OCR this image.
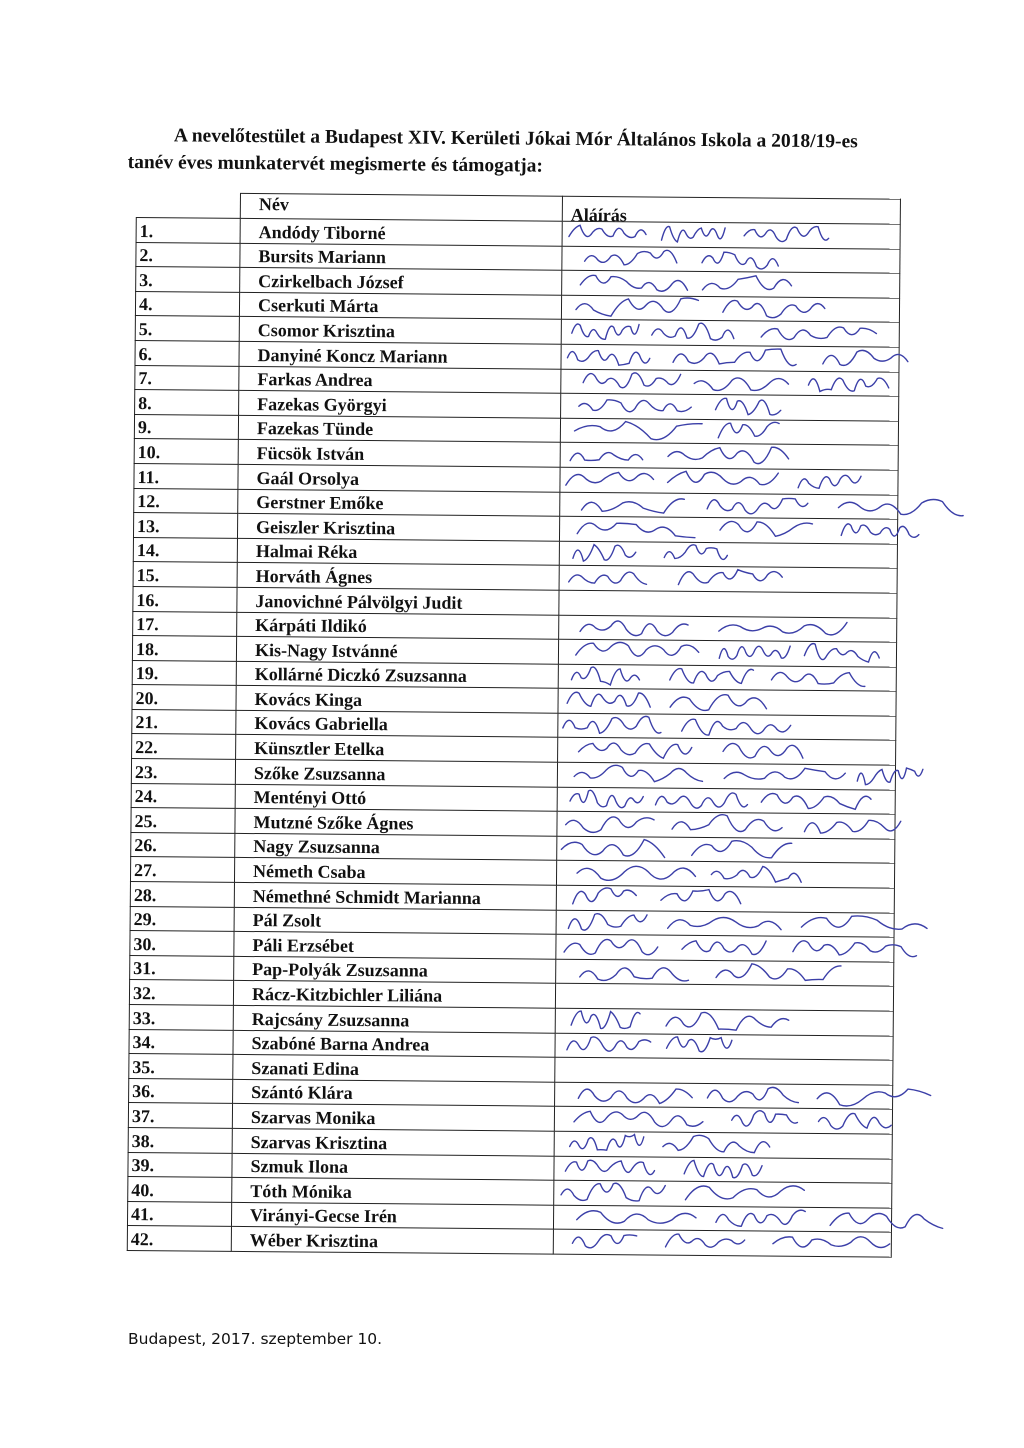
A nevelőtestület a Budapest XIV. Kerületi Jókai Mór Általános Iskola a 2018/19-es
tanév éves munkatervét megismerte és támogatja:

	Név	Aláírás

1.	Andódy Tiborné	

2.	Bursits Mariann	

3.	Czirkelbach József	

4.	Cserkuti Márta	

5.	Csomor Krisztina	

6.	Danyiné Koncz Mariann	

7.	Farkas Andrea	

8.	Fazekas Györgyi	

9.	Fazekas Tünde	

10.	Fücsök István	

11.	Gaál Orsolya	

12.	Gerstner Emőke	

13.	Geiszler Krisztina	

14.	Halmai Réka	

15.	Horváth Ágnes	

16.	Janovichné Pálvölgyi Judit	
17.	Kárpáti Ildikó	

18.	Kis-Nagy Istvánné	

19.	Kollárné Diczkó Zsuzsanna	

20.	Kovács Kinga	

21.	Kovács Gabriella	

22.	Künsztler Etelka	

23.	Szőke Zsuzsanna	

24.	Mentényi Ottó	

25.	Mutzné Szőke Ágnes	

26.	Nagy Zsuzsanna	

27.	Németh Csaba	

28.	Némethné Schmidt Marianna	

29.	Pál Zsolt	

30.	Páli Erzsébet	

31.	Pap-Polyák Zsuzsanna	

32.	Rácz-Kitzbichler Liliána	
33.	Rajcsány Zsuzsanna	

34.	Szabóné Barna Andrea	

35.	Szanati Edina	
36.	Szántó Klára	

37.	Szarvas Monika	

38.	Szarvas Krisztina	

39.	Szmuk Ilona	

40.	Tóth Mónika	

41.	Virányi-Gecse Irén	

42.	Wéber Krisztina	
Budapest, 2017. szeptember 10.
